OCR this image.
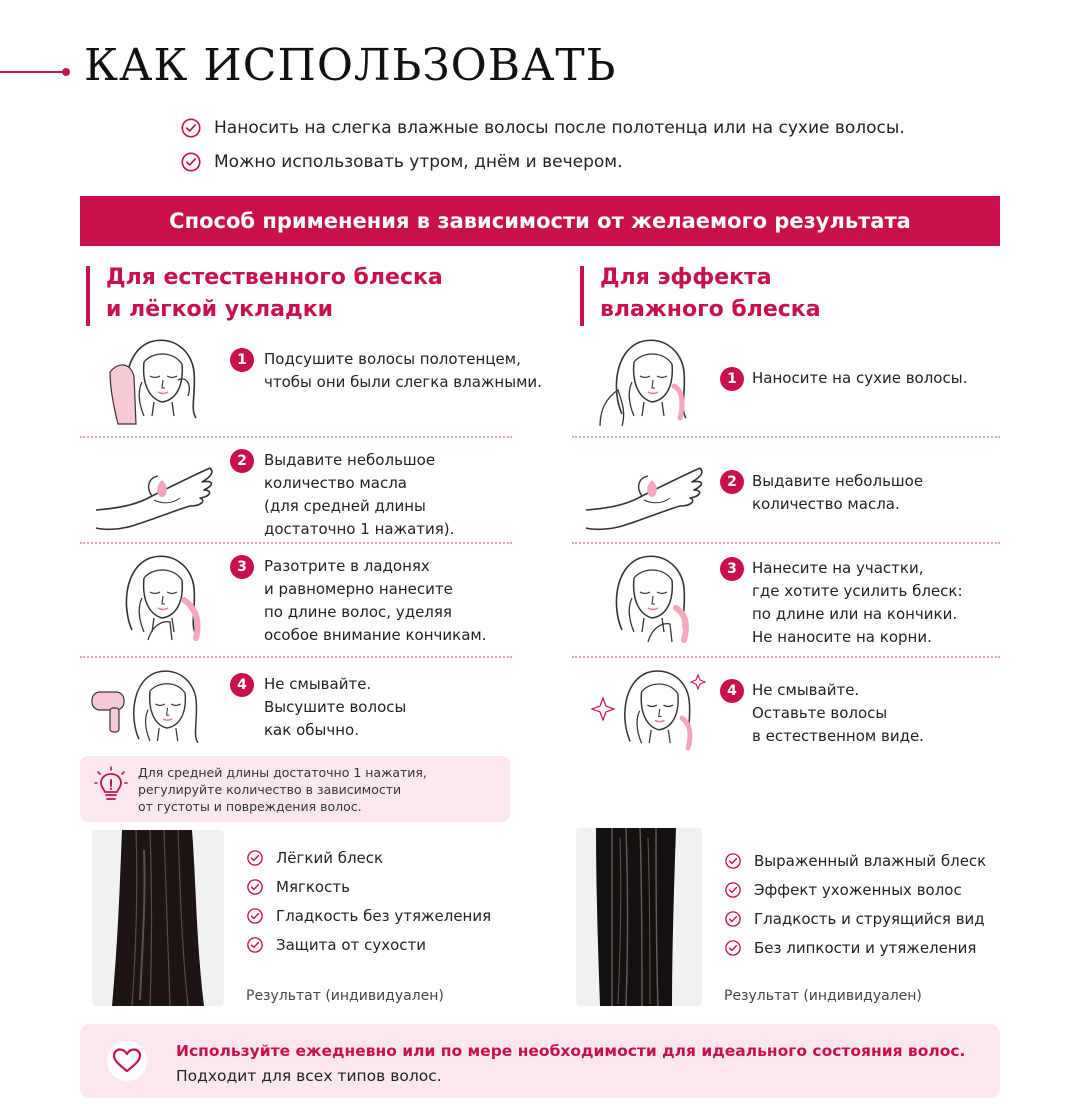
КАК ИСПОЛЬЗОВАТЬ
Наносить на слегка влажные волосы после полотенца или на сухие волосы.
Можно использовать утром, днём и вечером.
Способ применения в зависимости от желаемого результата
Для естественного блеска
и лёгкой укладки
Для эффекта
влажного блеска
1	Подсушите волосы полотенцем,
чтобы они были слегка влажными.
2	Выдавите небольшое
количество масла
(для средней длины
достаточно 1 нажатия).
3	Разотрите в ладонях
и равномерно нанесите
по длине волос, уделяя
особое внимание кончикам.
4	Не смывайте.
Высушите волосы
как обычно.
Для средней длины достаточно 1 нажатия,
регулируйте количество в зависимости
от густоты и повреждения волос.
1	Наносите на сухие волосы.
2	Выдавите небольшое
количество масла.
3	Нанесите на участки,
где хотите усилить блеск:
по длине или на кончики.
Не наносите на корни.
4	Не смывайте.
Оставьте волосы
в естественном виде.
Лёгкий блеск
Мягкость
Гладкость без утяжеления
Защита от сухости
Результат (индивидуален)
Выраженный влажный блеск
Эффект ухоженных волос
Гладкость и струящийся вид
Без липкости и утяжеления
Результат (индивидуален)
Используйте ежедневно или по мере необходимости для идеального состояния волос.
Подходит для всех типов волос.
